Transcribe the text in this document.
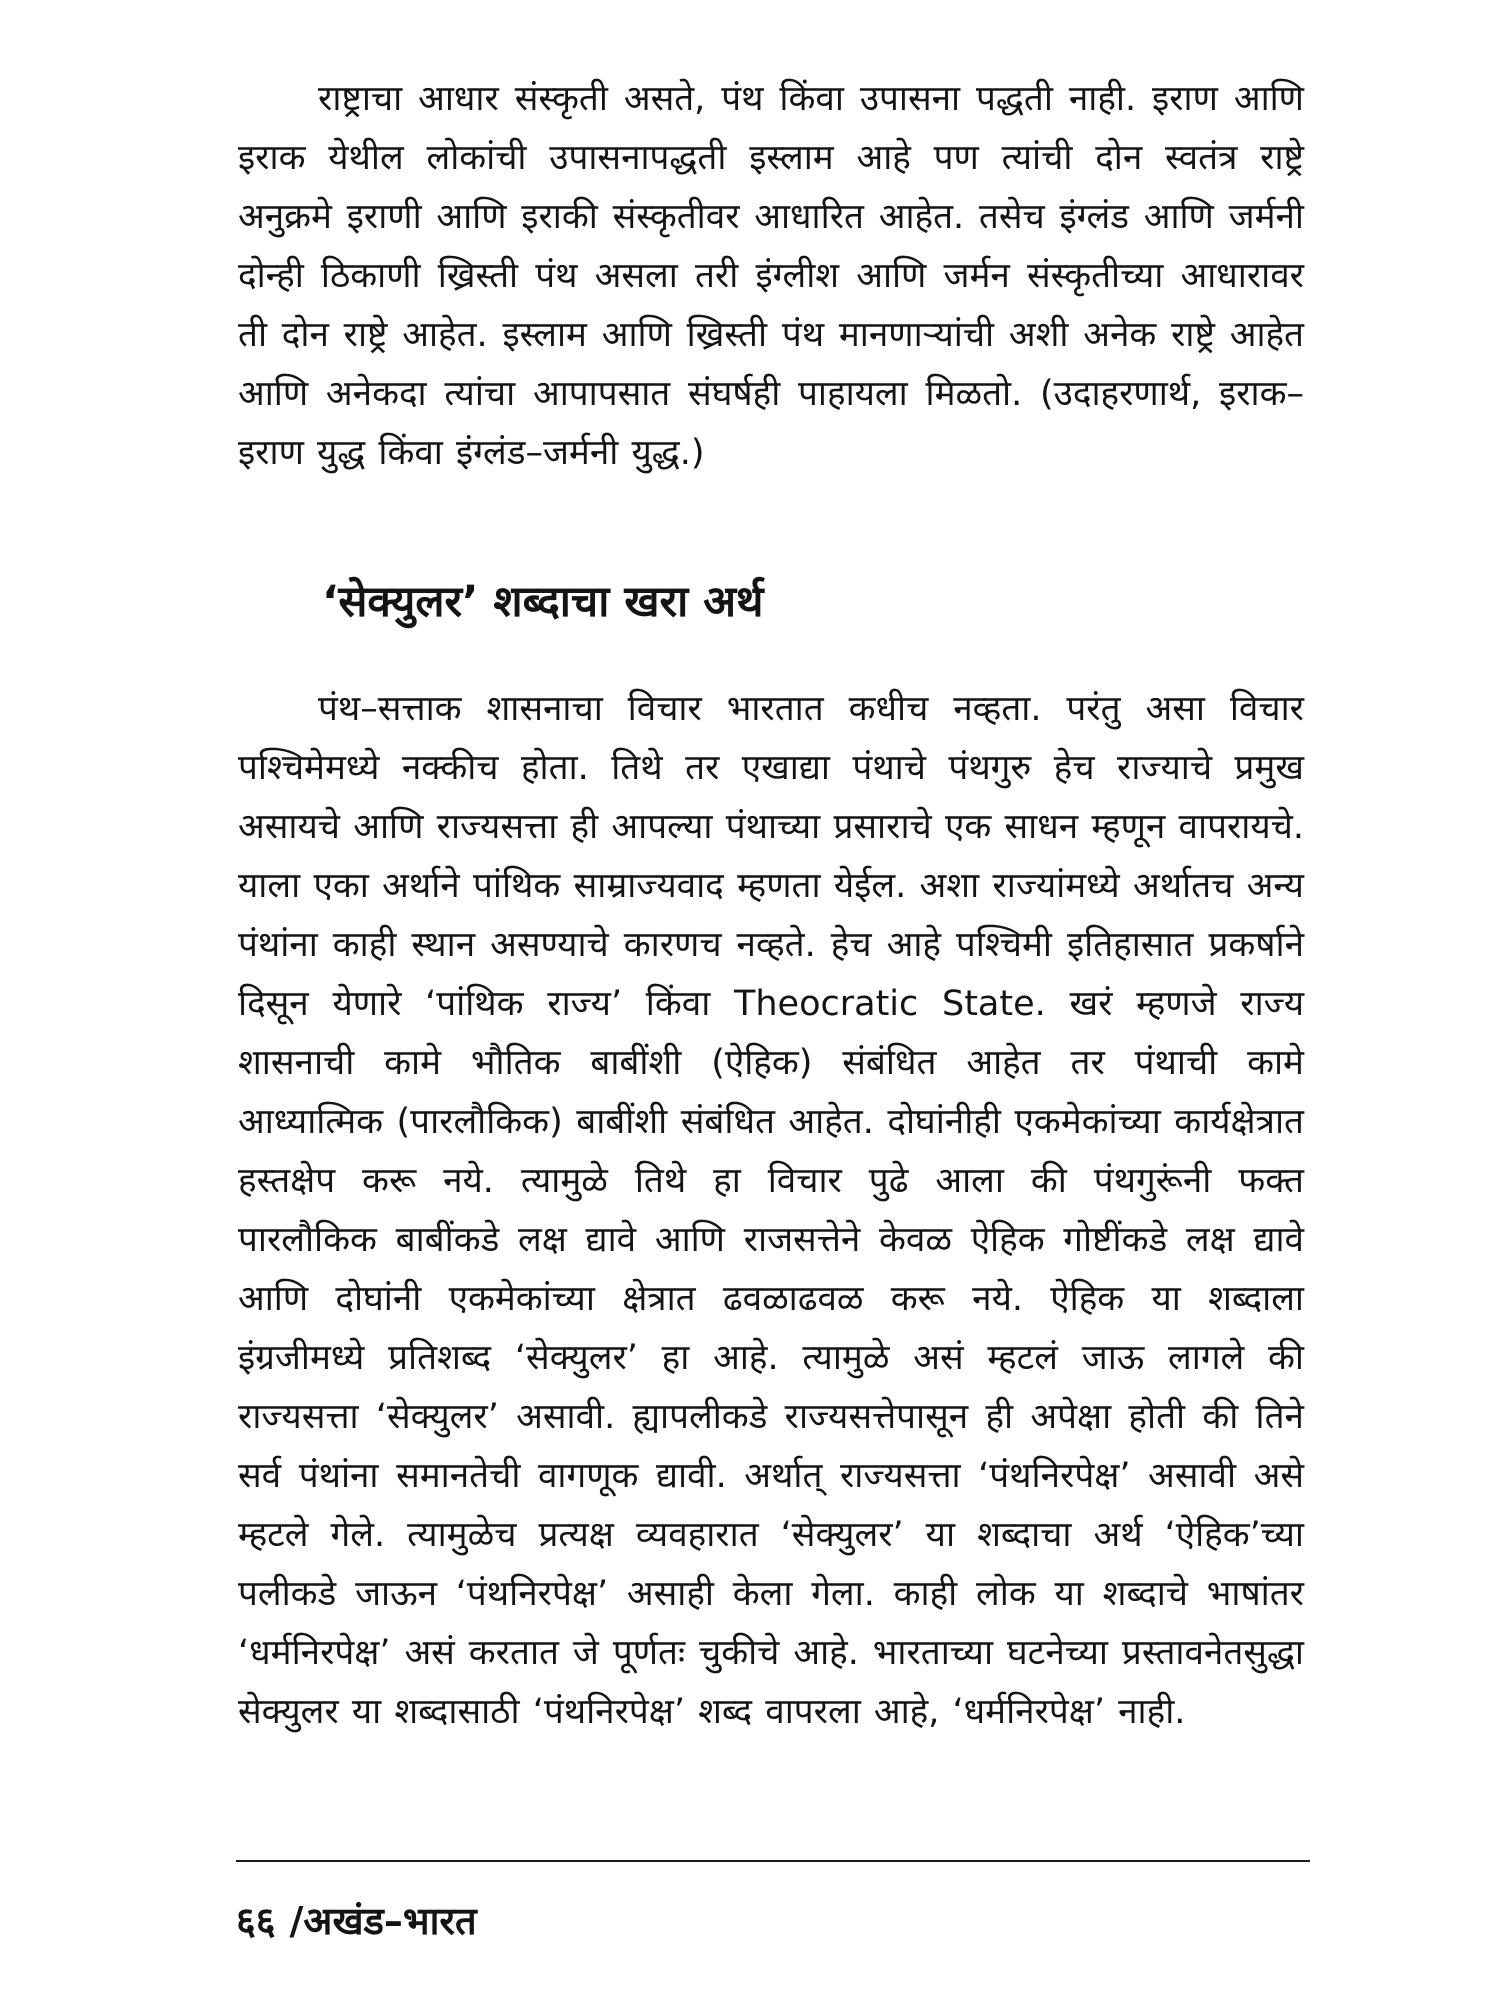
राष्ट्राचा आधार संस्कृती असते, पंथ किंवा उपासना पद्धती नाही. इराण आणि इराक येथील लोकांची उपासनापद्धती इस्लाम आहे पण त्यांची दोन स्वतंत्र राष्ट्रे अनुक्रमे इराणी आणि इराकी संस्कृतीवर आधारित आहेत. तसेच इंग्लंड आणि जर्मनी दोन्ही ठिकाणी ख्रिस्ती पंथ असला तरी इंग्लीश आणि जर्मन संस्कृतीच्या आधारावर ती दोन राष्ट्रे आहेत. इस्लाम आणि ख्रिस्ती पंथ मानणाऱ्यांची अशी अनेक राष्ट्रे आहेत आणि अनेकदा त्यांचा आपापसात संघर्षही पाहायला मिळतो. (उदाहरणार्थ, इराक–इराण युद्ध किंवा इंग्लंड–जर्मनी युद्ध.)

‘सेक्युलर’ शब्दाचा खरा अर्थ

पंथ–सत्ताक शासनाचा विचार भारतात कधीच नव्हता. परंतु असा विचार पश्चिमेमध्ये नक्कीच होता. तिथे तर एखाद्या पंथाचे पंथगुरु हेच राज्याचे प्रमुख असायचे आणि राज्यसत्ता ही आपल्या पंथाच्या प्रसाराचे एक साधन म्हणून वापरायचे. याला एका अर्थाने पांथिक साम्राज्यवाद म्हणता येईल. अशा राज्यांमध्ये अर्थातच अन्य पंथांना काही स्थान असण्याचे कारणच नव्हते. हेच आहे पश्चिमी इतिहासात प्रकर्षाने दिसून येणारे ‘पांथिक राज्य’ किंवा Theocratic State. खरं म्हणजे राज्य शासनाची कामे भौतिक बाबींशी (ऐहिक) संबंधित आहेत तर पंथाची कामे आध्यात्मिक (पारलौकिक) बाबींशी संबंधित आहेत. दोघांनीही एकमेकांच्या कार्यक्षेत्रात हस्तक्षेप करू नये. त्यामुळे तिथे हा विचार पुढे आला की पंथगुरूंनी फक्त पारलौकिक बाबींकडे लक्ष द्यावे आणि राजसत्तेने केवळ ऐहिक गोष्टींकडे लक्ष द्यावे आणि दोघांनी एकमेकांच्या क्षेत्रात ढवळाढवळ करू नये. ऐहिक या शब्दाला इंग्रजीमध्ये प्रतिशब्द ‘सेक्युलर’ हा आहे. त्यामुळे असं म्हटलं जाऊ लागले की राज्यसत्ता ‘सेक्युलर’ असावी. ह्यापलीकडे राज्यसत्तेपासून ही अपेक्षा होती की तिने सर्व पंथांना समानतेची वागणूक द्यावी. अर्थात् राज्यसत्ता ‘पंथनिरपेक्ष’ असावी असे म्हटले गेले. त्यामुळेच प्रत्यक्ष व्यवहारात ‘सेक्युलर’ या शब्दाचा अर्थ ‘ऐहिक’च्या पलीकडे जाऊन ‘पंथनिरपेक्ष’ असाही केला गेला. काही लोक या शब्दाचे भाषांतर ‘धर्मनिरपेक्ष’ असं करतात जे पूर्णतः चुकीचे आहे. भारताच्या घटनेच्या प्रस्तावनेतसुद्धा सेक्युलर या शब्दासाठी ‘पंथनिरपेक्ष’ शब्द वापरला आहे, ‘धर्मनिरपेक्ष’ नाही.

६६ /अखंड–भारत
